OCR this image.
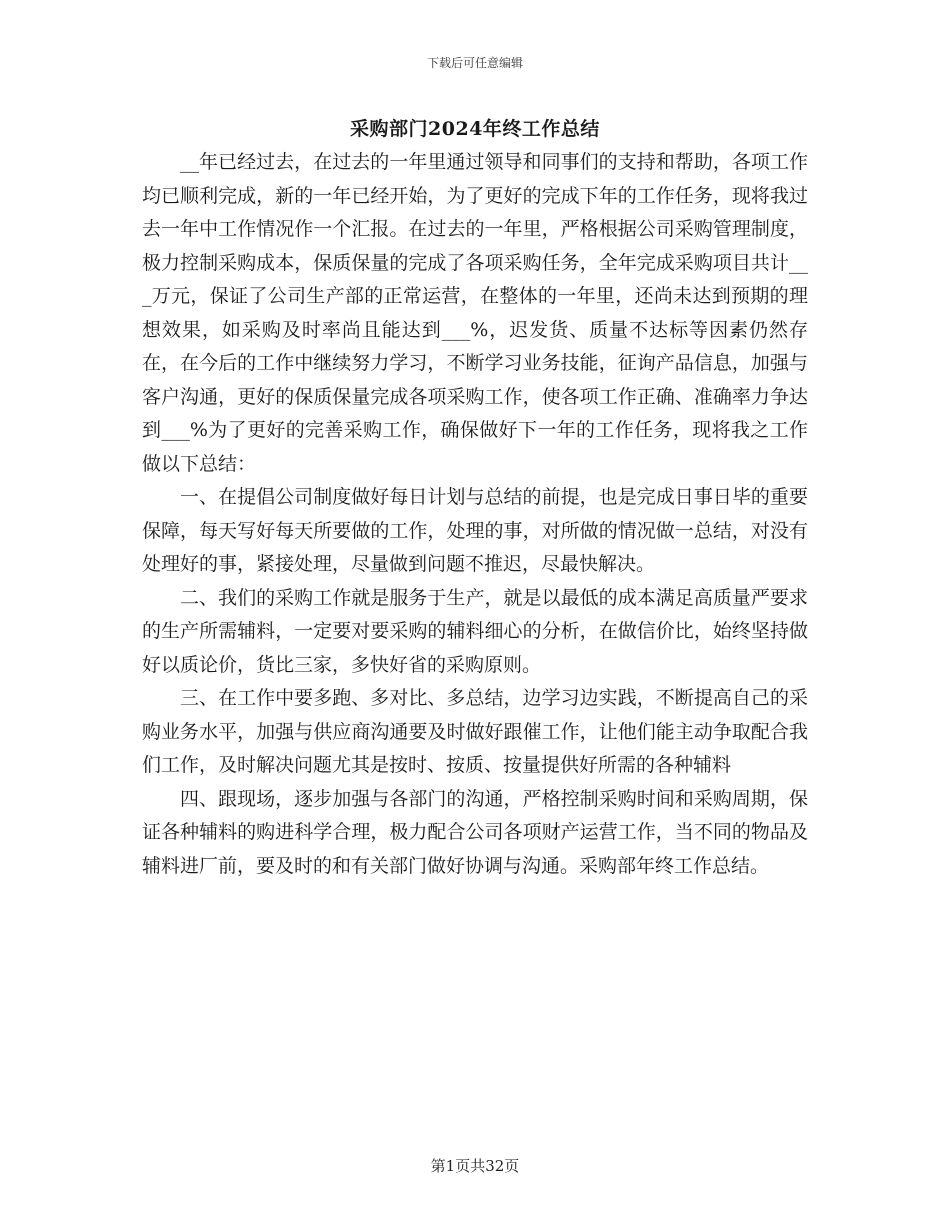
下载后可任意编辑
采购部门2024年终工作总结

__年已经过去，在过去的一年里通过领导和同事们的支持和帮助，各项工作均已顺利完成，新的一年已经开始，为了更好的完成下年的工作任务，现将我过去一年中工作情况作一个汇报。在过去的一年里，严格根据公司采购管理制度，极力控制采购成本，保质保量的完成了各项采购任务，全年完成采购项目共计___万元，保证了公司生产部的正常运营，在整体的一年里，还尚未达到预期的理想效果，如采购及时率尚且能达到___%，迟发货、质量不达标等因素仍然存在，在今后的工作中继续努力学习，不断学习业务技能，征询产品信息，加强与客户沟通，更好的保质保量完成各项采购工作，使各项工作正确、准确率力争达到___%为了更好的完善采购工作，确保做好下一年的工作任务，现将我之工作做以下总结：

一、在提倡公司制度做好每日计划与总结的前提，也是完成日事日毕的重要保障，每天写好每天所要做的工作，处理的事，对所做的情况做一总结，对没有处理好的事，紧接处理，尽量做到问题不推迟，尽最快解决。

二、我们的采购工作就是服务于生产，就是以最低的成本满足高质量严要求的生产所需辅料，一定要对要采购的辅料细心的分析，在做信价比，始终坚持做好以质论价，货比三家，多快好省的采购原则。

三、在工作中要多跑、多对比、多总结，边学习边实践，不断提高自己的采购业务水平，加强与供应商沟通要及时做好跟催工作，让他们能主动争取配合我们工作，及时解决问题尤其是按时、按质、按量提供好所需的各种辅料

四、跟现场，逐步加强与各部门的沟通，严格控制采购时间和采购周期，保证各种辅料的购进科学合理，极力配合公司各项财产运营工作，当不同的物品及辅料进厂前，要及时的和有关部门做好协调与沟通。采购部年终工作总结。

第1页共32页
